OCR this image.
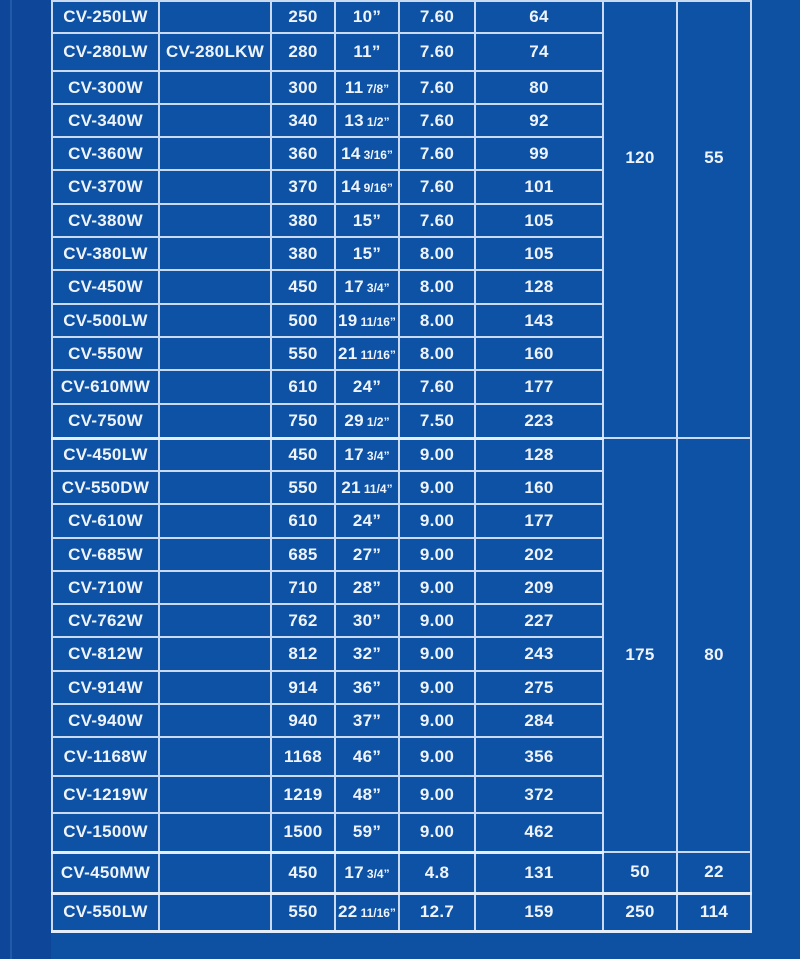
CV-250LW		250	10”	7.60	64	120	55
CV-280LW	CV-280LKW	280	11”	7.60	74		
CV-300W		300	11 7/8”	7.60	80		
CV-340W		340	13 1/2”	7.60	92		
CV-360W		360	14 3/16”	7.60	99		
CV-370W		370	14 9/16”	7.60	101		
CV-380W		380	15”	7.60	105		
CV-380LW		380	15”	8.00	105		
CV-450W		450	17 3/4”	8.00	128		
CV-500LW		500	19 11/16”	8.00	143		
CV-550W		550	21 11/16”	8.00	160		
CV-610MW		610	24”	7.60	177		
CV-750W		750	29 1/2”	7.50	223		
CV-450LW		450	17 3/4”	9.00	128	175	80
CV-550DW		550	21 11/4”	9.00	160		
CV-610W		610	24”	9.00	177		
CV-685W		685	27”	9.00	202		
CV-710W		710	28”	9.00	209		
CV-762W		762	30”	9.00	227		
CV-812W		812	32”	9.00	243		
CV-914W		914	36”	9.00	275		
CV-940W		940	37”	9.00	284		
CV-1168W		1168	46”	9.00	356		
CV-1219W		1219	48”	9.00	372		
CV-1500W		1500	59”	9.00	462		
CV-450MW		450	17 3/4”	4.8	131	50	22
CV-550LW		550	22 11/16”	12.7	159	250	114
